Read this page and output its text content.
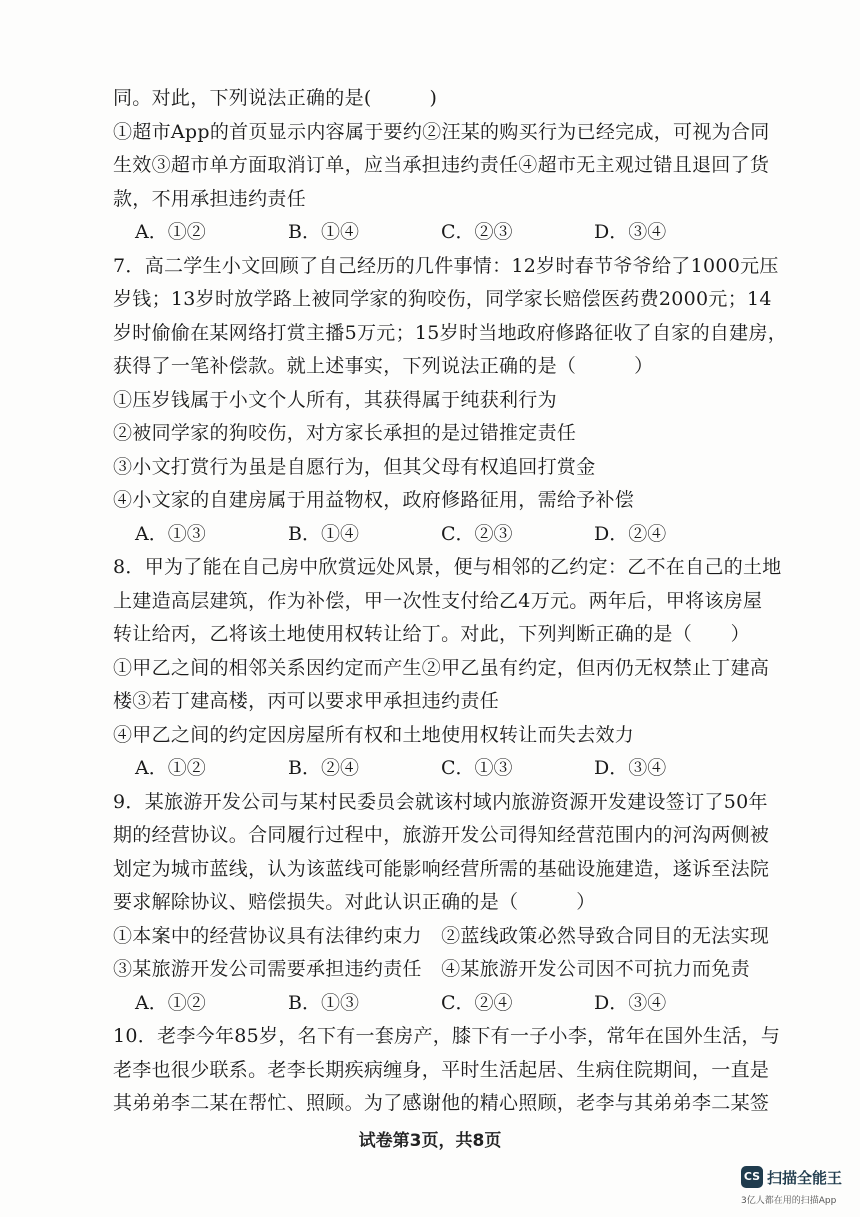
同。对此，下列说法正确的是(　　　)
①超市App的首页显示内容属于要约②汪某的购买行为已经完成，可视为合同
生效③超市单方面取消订单，应当承担违约责任④超市无主观过错且退回了货
款，不用承担违约责任
A．①②	B．①④	C．②③	D．③④
7．高二学生小文回顾了自己经历的几件事情：12岁时春节爷爷给了1000元压
岁钱；13岁时放学路上被同学家的狗咬伤，同学家长赔偿医药费2000元；14
岁时偷偷在某网络打赏主播5万元；15岁时当地政府修路征收了自家的自建房，
获得了一笔补偿款。就上述事实，下列说法正确的是（　　　）
①压岁钱属于小文个人所有，其获得属于纯获利行为
②被同学家的狗咬伤，对方家长承担的是过错推定责任
③小文打赏行为虽是自愿行为，但其父母有权追回打赏金
④小文家的自建房属于用益物权，政府修路征用，需给予补偿
A．①③	B．①④	C．②③	D．②④
8．甲为了能在自己房中欣赏远处风景，便与相邻的乙约定：乙不在自己的土地
上建造高层建筑，作为补偿，甲一次性支付给乙4万元。两年后，甲将该房屋
转让给丙，乙将该土地使用权转让给丁。对此，下列判断正确的是（　　）
①甲乙之间的相邻关系因约定而产生②甲乙虽有约定，但丙仍无权禁止丁建高
楼③若丁建高楼，丙可以要求甲承担违约责任
④甲乙之间的约定因房屋所有权和土地使用权转让而失去效力
A．①②	B．②④	C．①③	D．③④
9．某旅游开发公司与某村民委员会就该村域内旅游资源开发建设签订了50年
期的经营协议。合同履行过程中，旅游开发公司得知经营范围内的河沟两侧被
划定为城市蓝线，认为该蓝线可能影响经营所需的基础设施建造，遂诉至法院
要求解除协议、赔偿损失。对此认识正确的是（　　　）
①本案中的经营协议具有法律约束力　②蓝线政策必然导致合同目的无法实现
③某旅游开发公司需要承担违约责任　④某旅游开发公司因不可抗力而免责
A．①②	B．①③	C．②④	D．③④
10．老李今年85岁，名下有一套房产，膝下有一子小李，常年在国外生活，与
老李也很少联系。老李长期疾病缠身，平时生活起居、生病住院期间，一直是
其弟弟李二某在帮忙、照顾。为了感谢他的精心照顾，老李与其弟弟李二某签
试卷第3页，共8页
CS 扫描全能王
3亿人都在用的扫描App
